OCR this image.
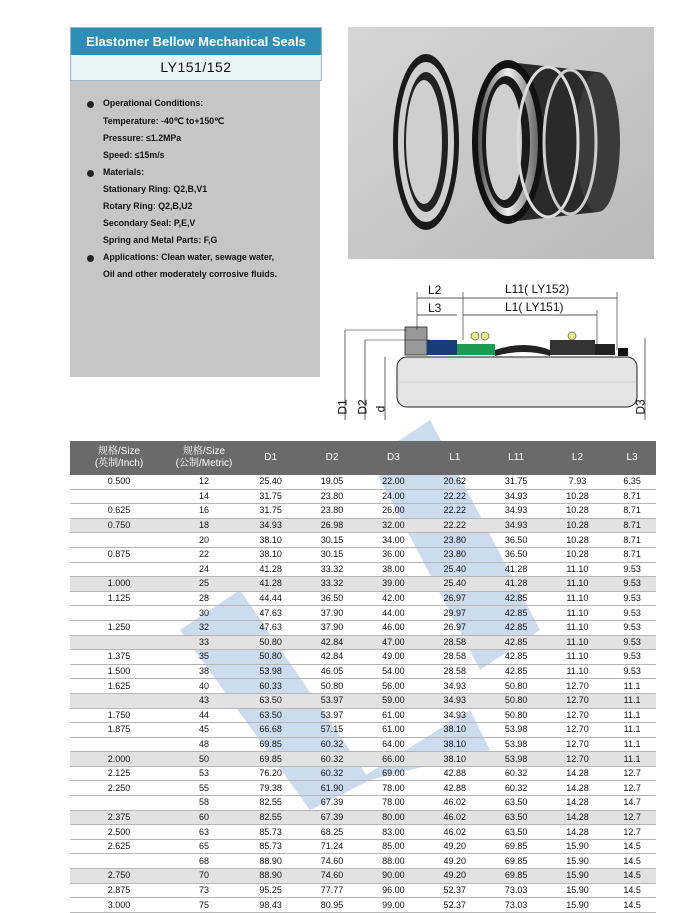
Elastomer Bellow Mechanical Seals
LY151/152
Operational Conditions:
Temperature: -40℃ to+150℃
Pressure: ≤1.2MPa
Speed: ≤15m/s
Materials:
Stationary Ring: Q2,B,V1
Rotary Ring: Q2,B,U2
Secondary Seal: P,E,V
Spring and Metal Parts: F,G
Applications: Clean water, sewage water,
Oil and other moderately corrosive fluids.
L2
L3
L11( LY152)
L1( LY151)
D1 D2 d	D3
规格/Size
(英制/Inch)	规格/Size
(公制/Metric)	D1	D2	D3	L1	L11	L2	L3
0.500	12	25.40	19.05	22.00	20.62	31.75	7.93	6.35
	14	31.75	23.80	24.00	22.22	34.93	10.28	8.71
0.625	16	31.75	23.80	26.00	22.22	34.93	10.28	8.71
0.750	18	34.93	26.98	32.00	22.22	34.93	10.28	8.71
	20	38.10	30.15	34.00	23.80	36.50	10.28	8.71
0.875	22	38.10	30.15	36.00	23.80	36.50	10.28	8.71
	24	41.28	33.32	38.00	25.40	41.28	11.10	9.53
1.000	25	41.28	33.32	39.00	25.40	41.28	11.10	9.53
1.125	28	44.44	36.50	42.00	26.97	42.85	11.10	9.53
	30	47.63	37.90	44.00	29.97	42.85	11.10	9.53
1.250	32	47.63	37.90	46.00	26.97	42.85	11.10	9.53
	33	50.80	42.84	47.00	28.58	42.85	11.10	9.53
1.375	35	50.80	42.84	49.00	28.58	42.85	11.10	9.53
1.500	38	53.98	46.05	54.00	28.58	42.85	11.10	9.53
1.625	40	60.33	50.80	56.00	34.93	50.80	12.70	11.1
	43	63.50	53.97	59.00	34.93	50.80	12.70	11.1
1.750	44	63.50	53.97	61.00	34.93	50.80	12.70	11.1
1.875	45	66.68	57.15	61.00	38.10	53.98	12.70	11.1
	48	69.85	60.32	64.00	38.10	53.98	12.70	11.1
2.000	50	69.85	60.32	66.00	38.10	53.98	12.70	11.1
2.125	53	76.20	60.32	69.00	42.88	60.32	14.28	12.7
2.250	55	79.38	61.90	78.00	42.88	60.32	14.28	12.7
	58	82.55	67.39	78.00	46.02	63.50	14.28	14.7
2.375	60	82.55	67.39	80.00	46.02	63.50	14.28	12.7
2.500	63	85.73	68.25	83.00	46.02	63.50	14.28	12.7
2.625	65	85.73	71.24	85.00	49.20	69.85	15.90	14.5
	68	88.90	74.60	88.00	49.20	69.85	15.90	14.5
2.750	70	88.90	74.60	90.00	49.20	69.85	15.90	14.5
2.875	73	95.25	77.77	96.00	52.37	73.03	15.90	14.5
3.000	75	98.43	80.95	99.00	52.37	73.03	15.90	14.5
